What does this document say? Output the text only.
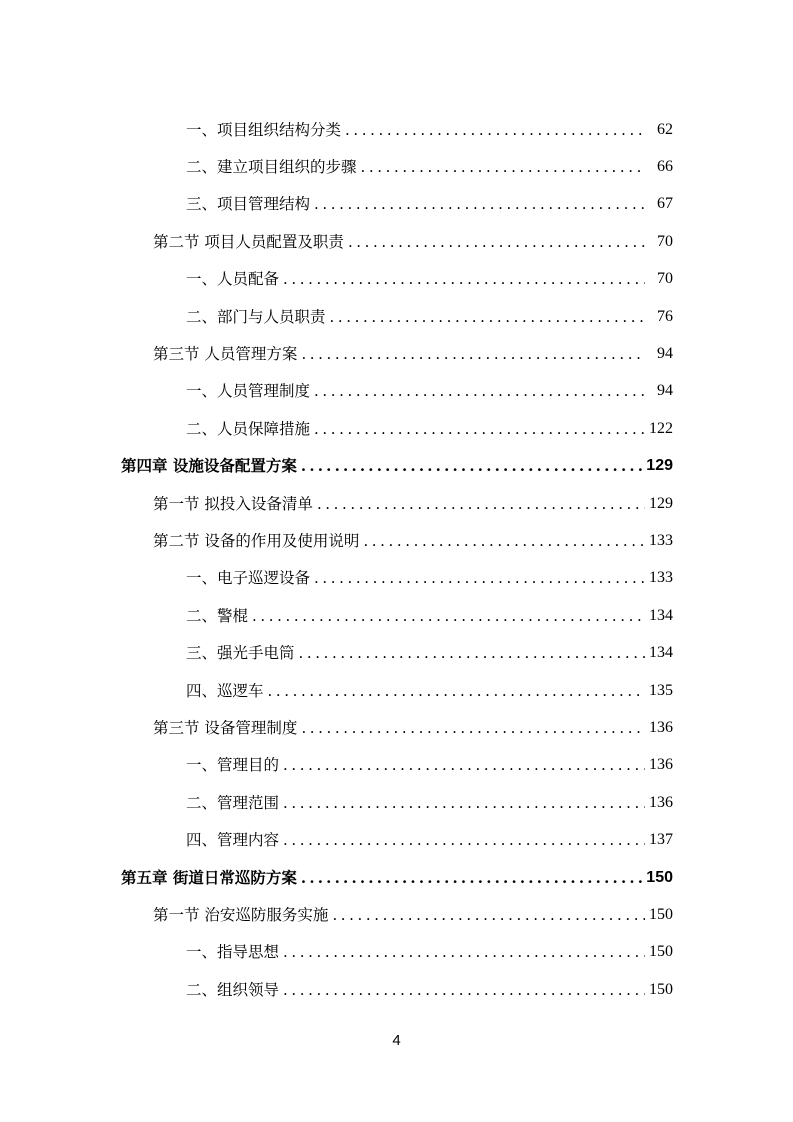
一、项目组织结构分类 .....	62
二、建立项目组织的步骤 .....	66
三、项目管理结构 .....	67
第二节 项目人员配置及职责 .....	70
一、人员配备 .....	70
二、部门与人员职责 .....	76
第三节 人员管理方案 .....	94
一、人员管理制度 .....	94
二、人员保障措施 .....	122
第四章 设施设备配置方案 .....	129
第一节 拟投入设备清单 .....	129
第二节 设备的作用及使用说明 .....	133
一、电子巡逻设备 .....	133
二、警棍 .....	134
三、强光手电筒 .....	134
四、巡逻车 .....	135
第三节 设备管理制度 .....	136
一、管理目的 .....	136
二、管理范围 .....	136
四、管理内容 .....	137
第五章 街道日常巡防方案 .....	150
第一节 治安巡防服务实施 .....	150
一、指导思想 .....	150
二、组织领导 .....	150
4
